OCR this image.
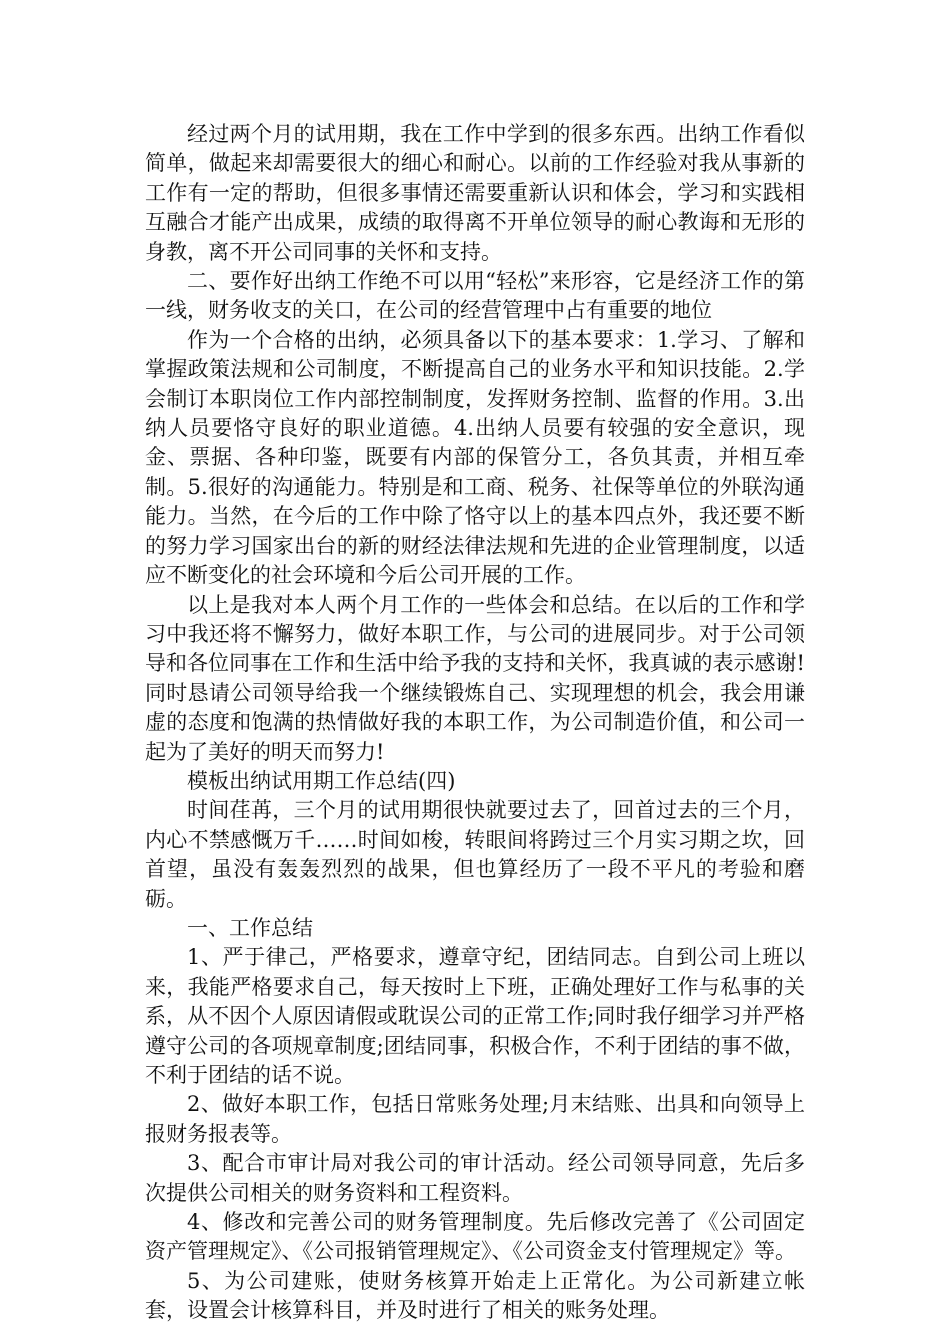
经过两个月的试用期，我在工作中学到的很多东西。出纳工作看似简单，做起来却需要很大的细心和耐心。以前的工作经验对我从事新的工作有一定的帮助，但很多事情还需要重新认识和体会，学习和实践相互融合才能产出成果，成绩的取得离不开单位领导的耐心教诲和无形的身教，离不开公司同事的关怀和支持。

二、要作好出纳工作绝不可以用“轻松”来形容，它是经济工作的第一线，财务收支的关口，在公司的经营管理中占有重要的地位

作为一个合格的出纳，必须具备以下的基本要求：1.学习、了解和掌握政策法规和公司制度，不断提高自己的业务水平和知识技能。2.学会制订本职岗位工作内部控制制度，发挥财务控制、监督的作用。3.出纳人员要恪守良好的职业道德。4.出纳人员要有较强的安全意识，现金、票据、各种印鉴，既要有内部的保管分工，各负其责，并相互牵制。5.很好的沟通能力。特别是和工商、税务、社保等单位的外联沟通能力。当然，在今后的工作中除了恪守以上的基本四点外，我还要不断的努力学习国家出台的新的财经法律法规和先进的企业管理制度，以适应不断变化的社会环境和今后公司开展的工作。

以上是我对本人两个月工作的一些体会和总结。在以后的工作和学习中我还将不懈努力，做好本职工作，与公司的进展同步。对于公司领导和各位同事在工作和生活中给予我的支持和关怀，我真诚的表示感谢!同时恳请公司领导给我一个继续锻炼自己、实现理想的机会，我会用谦虚的态度和饱满的热情做好我的本职工作，为公司制造价值，和公司一起为了美好的明天而努力!

模板出纳试用期工作总结(四)

时间荏苒，三个月的试用期很快就要过去了，回首过去的三个月，内心不禁感慨万千……时间如梭，转眼间将跨过三个月实习期之坎，回首望，虽没有轰轰烈烈的战果，但也算经历了一段不平凡的考验和磨砺。

一、工作总结

1、严于律己，严格要求，遵章守纪，团结同志。自到公司上班以来，我能严格要求自己，每天按时上下班，正确处理好工作与私事的关系，从不因个人原因请假或耽误公司的正常工作;同时我仔细学习并严格遵守公司的各项规章制度;团结同事，积极合作，不利于团结的事不做，不利于团结的话不说。

2、做好本职工作，包括日常账务处理;月末结账、出具和向领导上报财务报表等。

3、配合市审计局对我公司的审计活动。经公司领导同意，先后多次提供公司相关的财务资料和工程资料。

4、修改和完善公司的财务管理制度。先后修改完善了《公司固定资产管理规定》、《公司报销管理规定》、《公司资金支付管理规定》等。

5、为公司建账，使财务核算开始走上正常化。为公司新建立帐套，设置会计核算科目，并及时进行了相关的账务处理。
